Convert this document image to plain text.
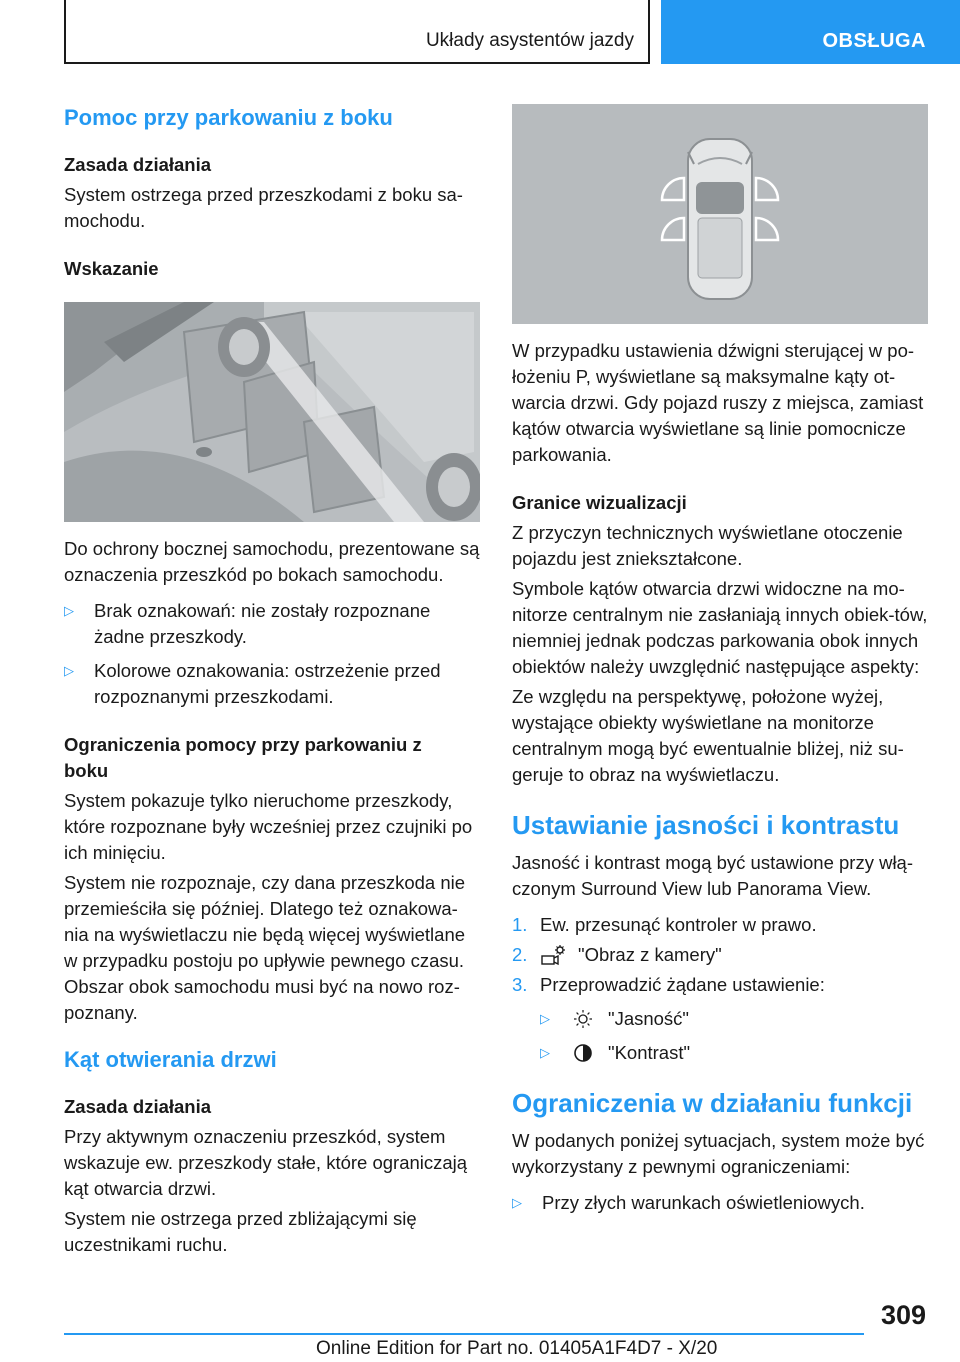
Układy asystentów jazdy	OBSŁUGA
Pomoc przy parkowaniu z boku
Zasada działania

System ostrzega przed przeszkodami z boku sa-mochodu.

Wskazanie

Do ochrony bocznej samochodu, prezentowane są oznaczenia przeszkód po bokach samochodu.

▷	Brak oznakowań: nie zostały rozpoznane żadne przeszkody.
▷	Kolorowe oznakowania: ostrzeżenie przed rozpoznanymi przeszkodami.
Ograniczenia pomocy przy parkowaniu z boku

System pokazuje tylko nieruchome przeszkody, które rozpoznane były wcześniej przez czujniki po ich minięciu.

System nie rozpoznaje, czy dana przeszkoda nie przemieściła się później. Dlatego też oznakowa-nia na wyświetlaczu nie będą więcej wyświetlane w przypadku postoju po upływie pewnego czasu. Obszar obok samochodu musi być na nowo roz-poznany.

Kąt otwierania drzwi
Zasada działania

Przy aktywnym oznaczeniu przeszkód, system wskazuje ew. przeszkody stałe, które ograniczają kąt otwarcia drzwi.

System nie ostrzega przed zbliżającymi się uczestnikami ruchu.

W przypadku ustawienia dźwigni sterującej w po-łożeniu P, wyświetlane są maksymalne kąty ot-warcia drzwi. Gdy pojazd ruszy z miejsca, zamiast kątów otwarcia wyświetlane są linie pomocnicze parkowania.

Granice wizualizacji

Z przyczyn technicznych wyświetlane otoczenie pojazdu jest zniekształcone.

Symbole kątów otwarcia drzwi widoczne na mo-nitorze centralnym nie zasłaniają innych obiek-tów, niemniej jednak podczas parkowania obok innych obiektów należy uwzględnić następujące aspekty:

Ze względu na perspektywę, położone wyżej, wystające obiekty wyświetlane na monitorze centralnym mogą być ewentualnie bliżej, niż su-geruje to obraz na wyświetlaczu.

Ustawianie jasności i kontrastu

Jasność i kontrast mogą być ustawione przy włą-czonym Surround View lub Panorama View.

1. Ew. przesunąć kontroler w prawo.
2.	"Obraz z kamery"
3. Przeprowadzić żądane ustawienie:
▷	"Jasność"
▷	"Kontrast"
Ograniczenia w działaniu funkcji

W podanych poniżej sytuacjach, system może być wykorzystany z pewnymi ograniczeniami:

▷	Przy złych warunkach oświetleniowych.
309
Online Edition for Part no. 01405A1F4D7 - X/20
